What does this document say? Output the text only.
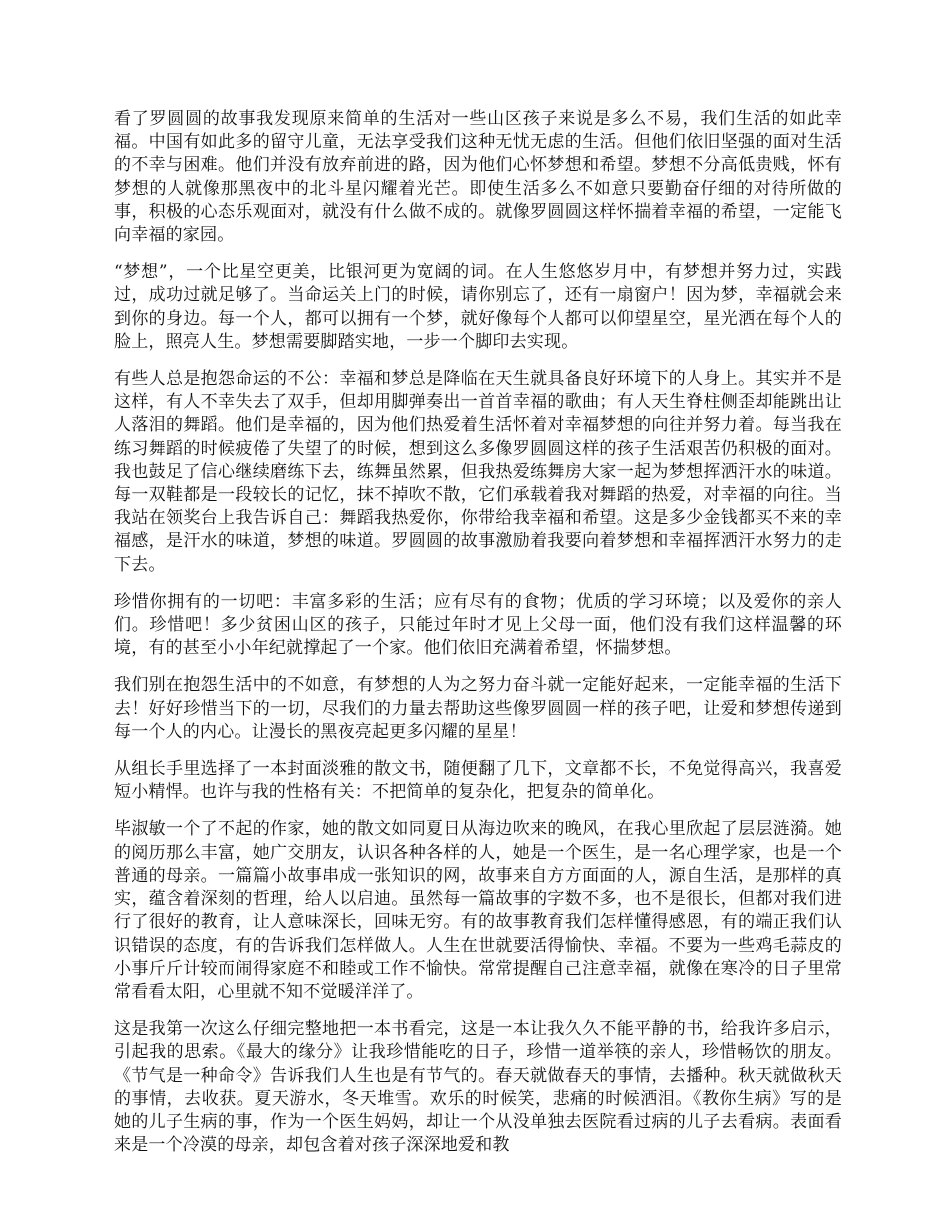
看了罗圆圆的故事我发现原来简单的生活对一些山区孩子来说是多么不易，我们生活的如此幸福。中国有如此多的留守儿童，无法享受我们这种无忧无虑的生活。但他们依旧坚强的面对生活的不幸与困难。他们并没有放弃前进的路，因为他们心怀梦想和希望。梦想不分高低贵贱，怀有梦想的人就像那黑夜中的北斗星闪耀着光芒。即使生活多么不如意只要勤奋仔细的对待所做的事，积极的心态乐观面对，就没有什么做不成的。就像罗圆圆这样怀揣着幸福的希望，一定能飞向幸福的家园。

“梦想”，一个比星空更美，比银河更为宽阔的词。在人生悠悠岁月中，有梦想并努力过，实践过，成功过就足够了。当命运关上门的时候，请你别忘了，还有一扇窗户！因为梦，幸福就会来到你的身边。每一个人，都可以拥有一个梦，就好像每个人都可以仰望星空，星光洒在每个人的脸上，照亮人生。梦想需要脚踏实地，一步一个脚印去实现。

有些人总是抱怨命运的不公：幸福和梦总是降临在天生就具备良好环境下的人身上。其实并不是这样，有人不幸失去了双手，但却用脚弹奏出一首首幸福的歌曲；有人天生脊柱侧歪却能跳出让人落泪的舞蹈。他们是幸福的，因为他们热爱着生活怀着对幸福梦想的向往并努力着。每当我在练习舞蹈的时候疲倦了失望了的时候，想到这么多像罗圆圆这样的孩子生活艰苦仍积极的面对。我也鼓足了信心继续磨练下去，练舞虽然累，但我热爱练舞房大家一起为梦想挥洒汗水的味道。每一双鞋都是一段较长的记忆，抹不掉吹不散，它们承载着我对舞蹈的热爱，对幸福的向往。当我站在领奖台上我告诉自己：舞蹈我热爱你，你带给我幸福和希望。这是多少金钱都买不来的幸福感，是汗水的味道，梦想的味道。罗圆圆的故事激励着我要向着梦想和幸福挥洒汗水努力的走下去。

珍惜你拥有的一切吧：丰富多彩的生活；应有尽有的食物；优质的学习环境；以及爱你的亲人们。珍惜吧！多少贫困山区的孩子，只能过年时才见上父母一面，他们没有我们这样温馨的环境，有的甚至小小年纪就撑起了一个家。他们依旧充满着希望，怀揣梦想。

我们别在抱怨生活中的不如意，有梦想的人为之努力奋斗就一定能好起来，一定能幸福的生活下去！好好珍惜当下的一切，尽我们的力量去帮助这些像罗圆圆一样的孩子吧，让爱和梦想传递到每一个人的内心。让漫长的黑夜亮起更多闪耀的星星！

从组长手里选择了一本封面淡雅的散文书，随便翻了几下，文章都不长，不免觉得高兴，我喜爱短小精悍。也许与我的性格有关：不把简单的复杂化，把复杂的简单化。

毕淑敏一个了不起的作家，她的散文如同夏日从海边吹来的晚风，在我心里欣起了层层涟漪。她的阅历那么丰富，她广交朋友，认识各种各样的人，她是一个医生，是一名心理学家，也是一个普通的母亲。一篇篇小故事串成一张知识的网，故事来自方方面面的人，源自生活，是那样的真实，蕴含着深刻的哲理，给人以启迪。虽然每一篇故事的字数不多，也不是很长，但都对我们进行了很好的教育，让人意味深长，回味无穷。有的故事教育我们怎样懂得感恩，有的端正我们认识错误的态度，有的告诉我们怎样做人。人生在世就要活得愉快、幸福。不要为一些鸡毛蒜皮的小事斤斤计较而闹得家庭不和睦或工作不愉快。常常提醒自己注意幸福，就像在寒冷的日子里常常看看太阳，心里就不知不觉暖洋洋了。

这是我第一次这么仔细完整地把一本书看完，这是一本让我久久不能平静的书，给我许多启示，引起我的思索。《最大的缘分》让我珍惜能吃的日子，珍惜一道举筷的亲人，珍惜畅饮的朋友。《节气是一种命令》告诉我们人生也是有节气的。春天就做春天的事情，去播种。秋天就做秋天的事情，去收获。夏天游水，冬天堆雪。欢乐的时候笑，悲痛的时候洒泪。《教你生病》写的是她的儿子生病的事，作为一个医生妈妈，却让一个从没单独去医院看过病的儿子去看病。表面看来是一个冷漠的母亲，却包含着对孩子深深地爱和教
